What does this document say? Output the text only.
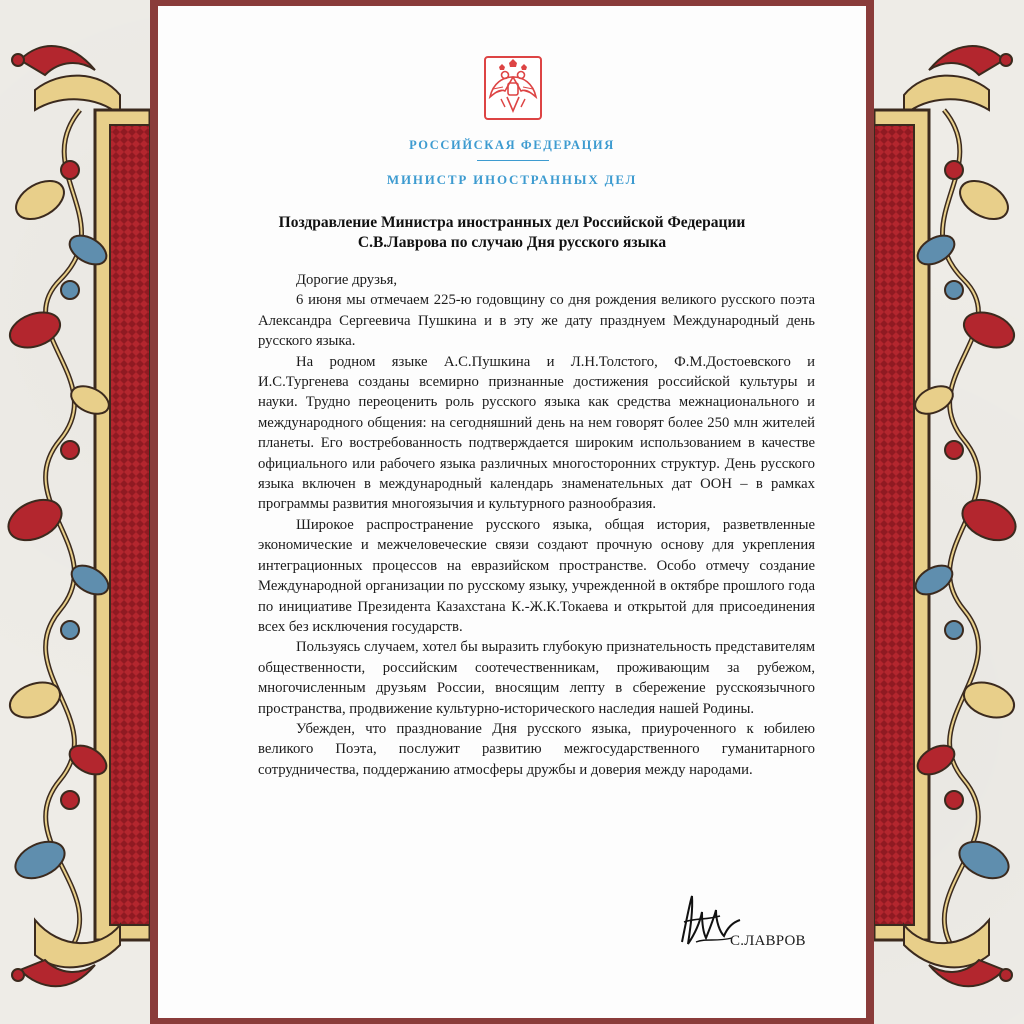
РОССИЙСКАЯ ФЕДЕРАЦИЯ
МИНИСТР ИНОСТРАННЫХ ДЕЛ
Поздравление Министра иностранных дел Российской Федерации
С.В.Лаврова по случаю Дня русского языка

Дорогие друзья,

6 июня мы отмечаем 225-ю годовщину со дня рождения великого русского поэта Александра Сергеевича Пушкина и в эту же дату празднуем Международный день русского языка.

На родном языке А.С.Пушкина и Л.Н.Толстого, Ф.М.Достоевского и И.С.Тургенева созданы всемирно признанные достижения российской культуры и науки. Трудно переоценить роль русского языка как средства межнационального и международного общения: на сегодняшний день на нем говорят более 250 млн жителей планеты. Его востребованность подтверждается широким использованием в качестве официального или рабочего языка различных многосторонних структур. День русского языка включен в международный календарь знаменательных дат ООН – в рамках программы развития многоязычия и культурного разнообразия.

Широкое распространение русского языка, общая история, разветвленные экономические и межчеловеческие связи создают прочную основу для укрепления интеграционных процессов на евразийском пространстве. Особо отмечу создание Международной организации по русскому языку, учрежденной в октябре прошлого года по инициативе Президента Казахстана К.-Ж.К.Токаева и открытой для присоединения всех без исключения государств.

Пользуясь случаем, хотел бы выразить глубокую признательность представителям общественности, российским соотечественникам, проживающим за рубежом, многочисленным друзьям России, вносящим лепту в сбережение русскоязычного пространства, продвижение культурно-исторического наследия нашей Родины.

Убежден, что празднование Дня русского языка, приуроченного к юбилею великого Поэта, послужит развитию межгосударственного гуманитарного сотрудничества, поддержанию атмосферы дружбы и доверия между народами.

С.ЛАВРОВ
